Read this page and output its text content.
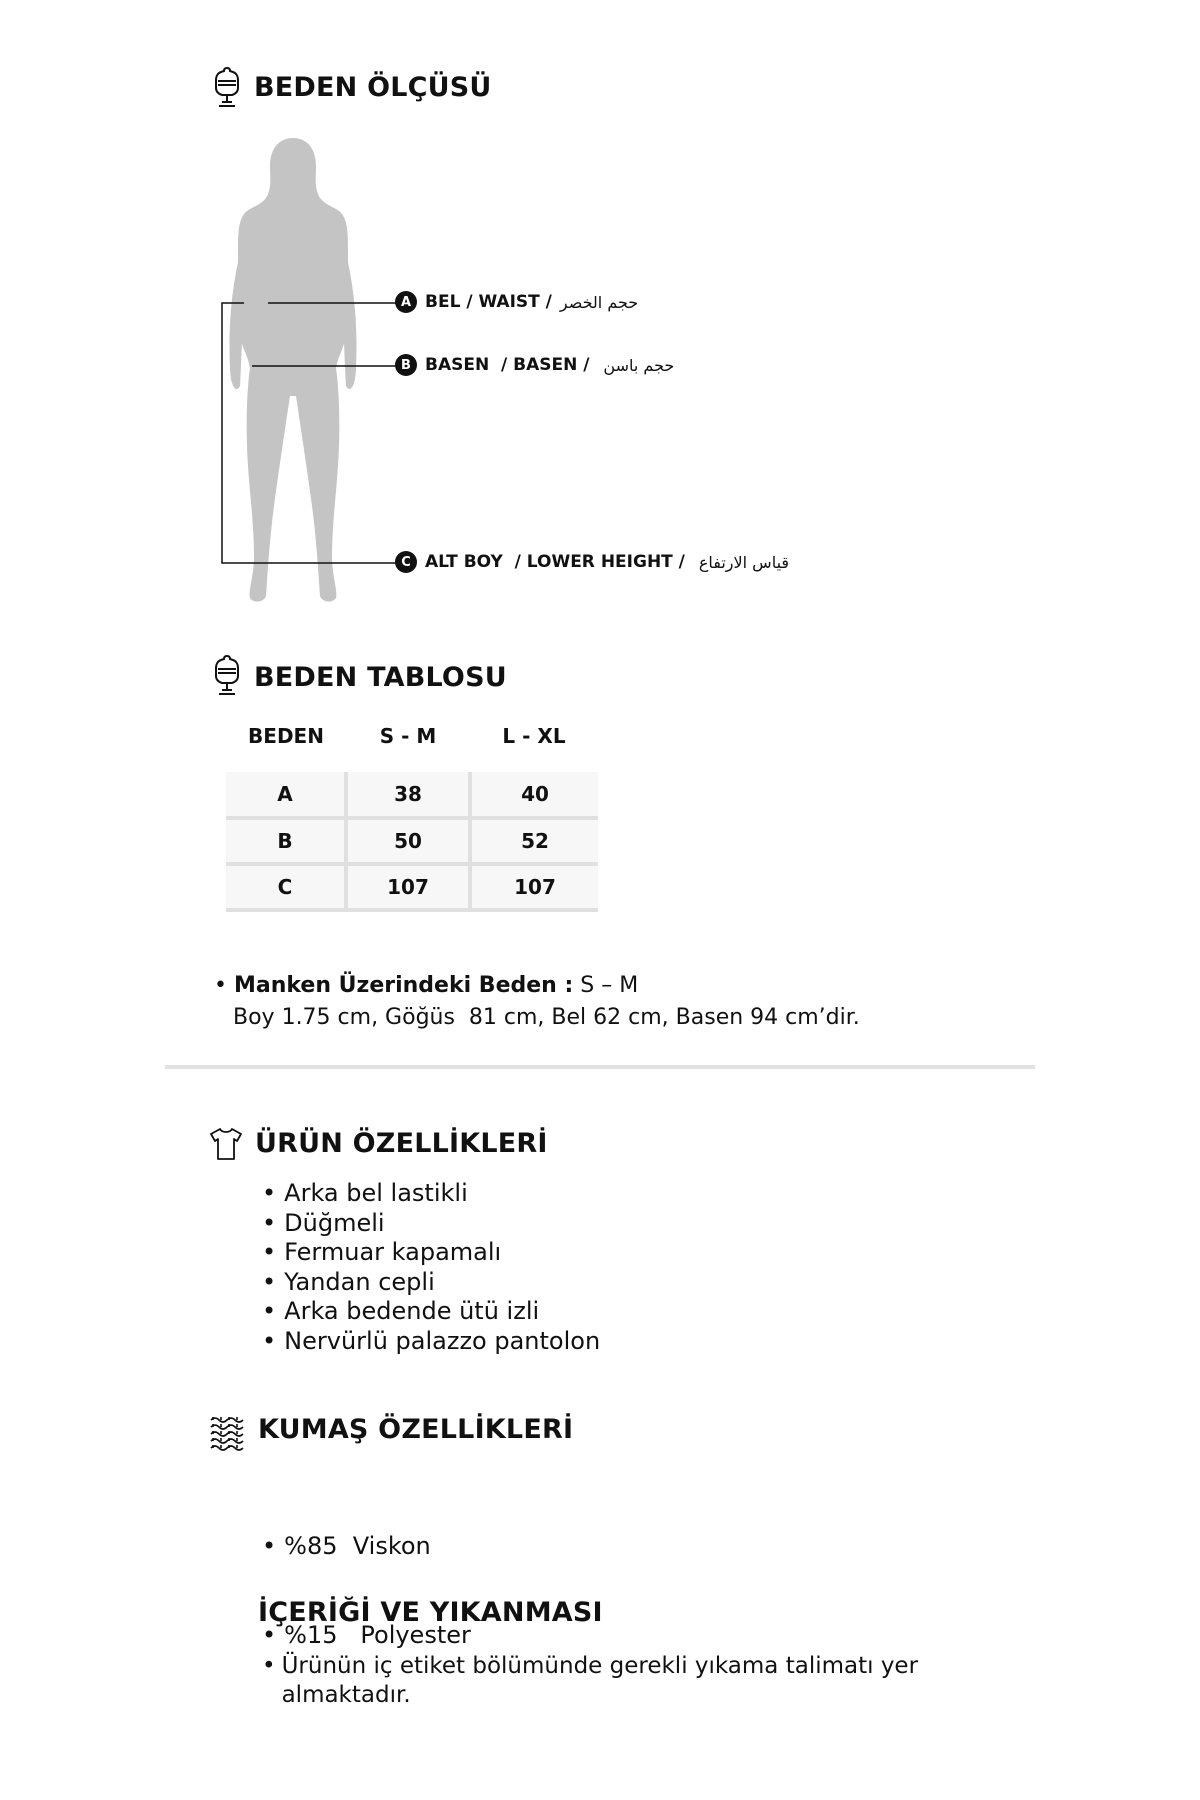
BEDEN ÖLÇÜSÜ
A BEL / WAIST / حجم الخصر
B BASEN  / BASEN / حجم باسن
C ALT BOY  / LOWER HEIGHT / قياس الارتفاع
BEDEN TABLOSU
BEDEN	S - M	L - XL
A	38	40
B	50	52
C	107	107
• Manken Üzerindeki Beden : S – M
Boy 1.75 cm, Göğüs  81 cm, Bel 62 cm, Basen 94 cm’dir.
ÜRÜN ÖZELLİKLERİ
• Arka bel lastikli
• Düğmeli
• Fermuar kapamalı
• Yandan cepli
• Arka bedende ütü izli
• Nervürlü palazzo pantolon
KUMAŞ ÖZELLİKLERİ

• %85  Viskon

• %15   Polyester

İÇERİĞİ VE YIKANMASI
• Ürünün iç etiket bölümünde gerekli yıkama talimatı yer almaktadır.
